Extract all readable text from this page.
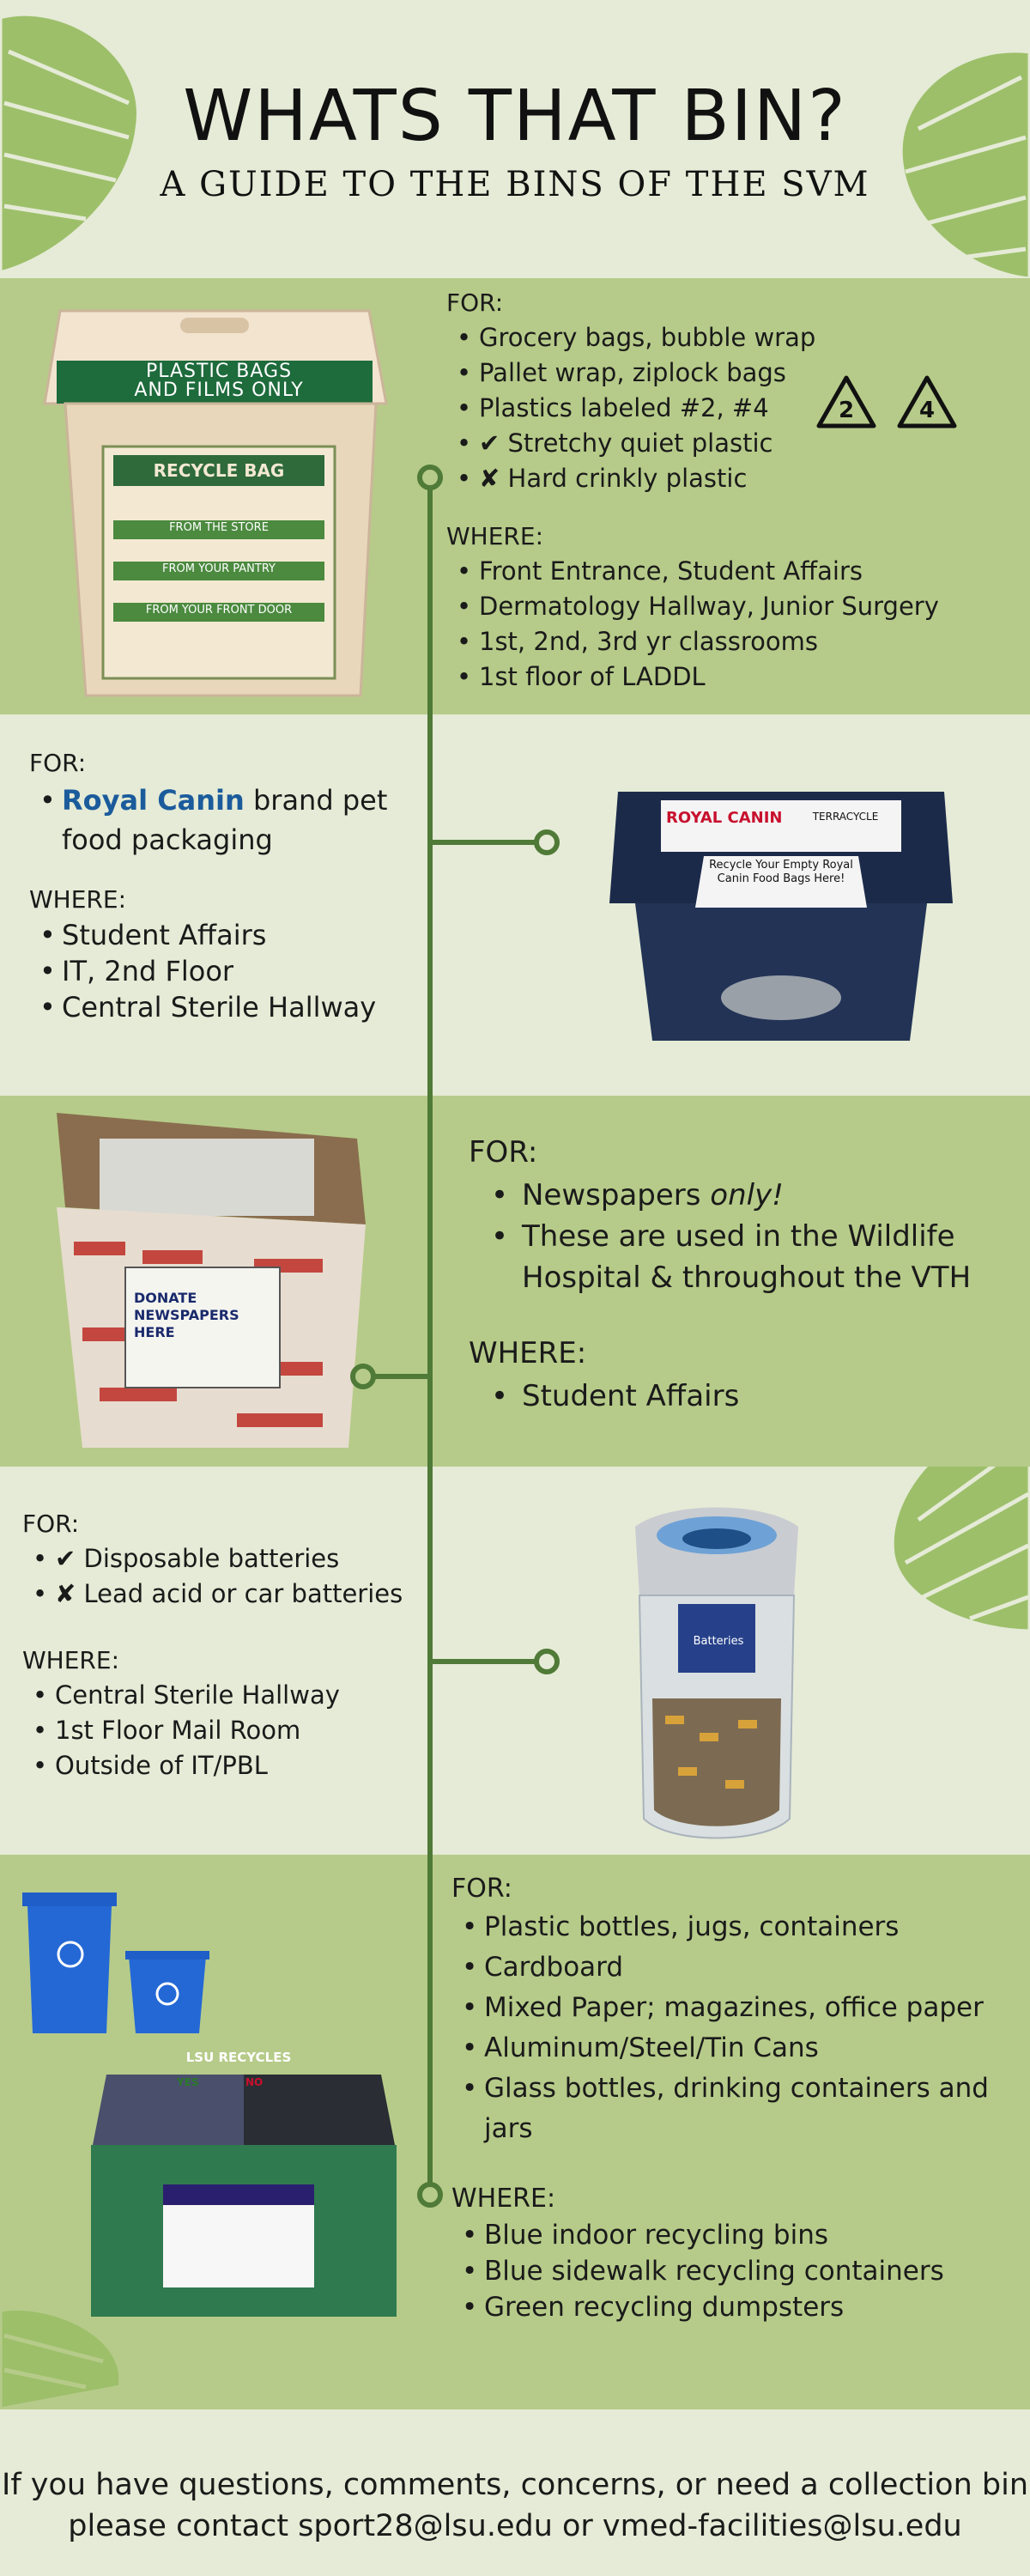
WHATS THAT BIN?
A GUIDE TO THE BINS OF THE SVM
PLASTIC BAGS
AND FILMS ONLY
RECYCLE BAG
FROM THE STORE
FROM YOUR PANTRY
FROM YOUR FRONT DOOR
FOR:
• Grocery bags, bubble wrap
• Pallet wrap, ziplock bags
• Plastics labeled #2, #4
• ✔ Stretchy quiet plastic
• ✘ Hard crinkly plastic
WHERE:
• Front Entrance, Student Affairs
• Dermatology Hallway, Junior Surgery
• 1st, 2nd, 3rd yr classrooms
• 1st floor of LADDL
2	4
FOR:
• Royal Canin brand pet
food packaging
WHERE:
• Student Affairs
• IT, 2nd Floor
• Central Sterile Hallway
ROYAL CANIN	TERRACYCLE
Recycle Your Empty Royal Canin Food Bags Here!
DONATE NEWSPAPERS HERE
FOR:
• Newspapers only!
• These are used in the Wildlife Hospital & throughout the VTH
WHERE:
• Student Affairs
FOR:
• ✔ Disposable batteries
• ✘ Lead acid or car batteries
WHERE:
• Central Sterile Hallway
• 1st Floor Mail Room
• Outside of IT/PBL
Batteries
LSU RECYCLES
YES	NO
FOR:
• Plastic bottles, jugs, containers
• Cardboard
• Mixed Paper; magazines, office paper
• Aluminum/Steel/Tin Cans
• Glass bottles, drinking containers and jars
WHERE:
• Blue indoor recycling bins
• Blue sidewalk recycling containers
• Green recycling dumpsters
If you have questions, comments, concerns, or need a collection bin
please contact sport28@lsu.edu or vmed-facilities@lsu.edu
